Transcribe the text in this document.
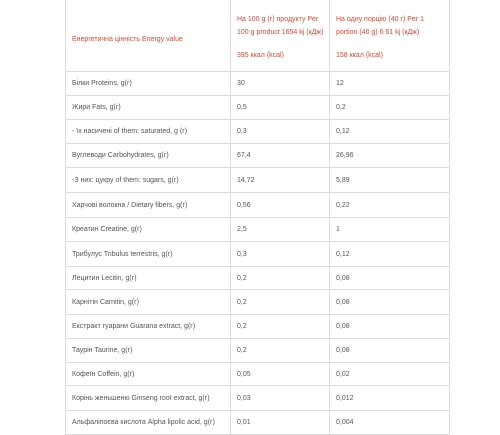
Енергетична цінність Energy value	На 100 g (г) продукту Per
100 g product 1654 kj (кДж)
395 ккал (kcal)	На одну порцію (40 г) Per 1
portion (40 g) 6 61 kj (кДж)
158 ккал (kcal)

Білки Proteins, g(г)	30	12
Жири Fats, g(г)	0,5	0,2
- їх насичені of them: saturated, g (г)	0,3	0,12
Вуглеводи Carbohydrates, g(г)	67,4	26,96
-З них: цукру of them: sugars, g(г)	14,72	5,89
Харчові волокна / Dietary fibers, g(г)	0,56	0,22
Креатин Creatine, g(г)	2,5	1
Трибулус Tribulus terrestris, g(г)	0,3	0,12
Лецитин Lecitin, g(г)	0,2	0,08
Карнітін Carnitin, g(г)	0,2	0,08
Екстракт гуарани Guarana extract, g(г)	0,2	0,08
Таурін Taurine, g(г)	0,2	0,08
Кофеїн Coffein, g(г)	0,05	0,02
Корінь женьшеню Ginseng root extract, g(г)	0,03	0,012
Альфаліпоєва кислота Alpha lipolic acid, g(г)	0,01	0,004
